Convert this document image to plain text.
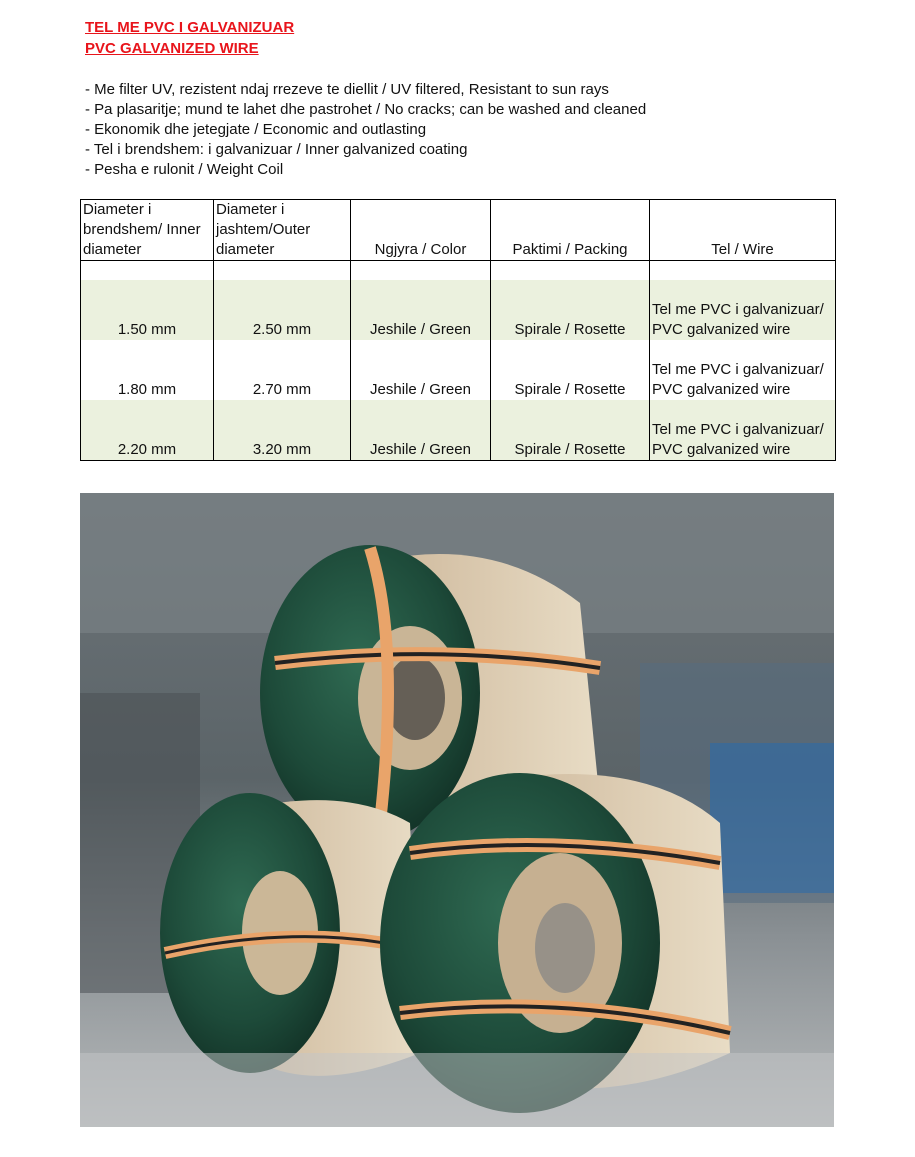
TEL ME PVC I GALVANIZUAR
PVC GALVANIZED WIRE
- Me filter UV, rezistent ndaj rrezeve te diellit / UV filtered, Resistant to sun rays
- Pa plasaritje; mund te lahet dhe pastrohet / No cracks; can be washed and cleaned
- Ekonomik dhe jetegjate / Economic and outlasting
- Tel i brendshem: i galvanizuar / Inner galvanized coating
- Pesha e rulonit / Weight Coil
Diameter i brendshem/ Inner diameter	Diameter i jashtem/Outer diameter	Ngjyra / Color	Paktimi / Packing	Tel / Wire

1.50 mm	2.50 mm	Jeshile / Green	Spirale / Rosette	Tel me PVC i galvanizuar/ PVC galvanized wire
1.80 mm	2.70 mm	Jeshile / Green	Spirale / Rosette	Tel me PVC i galvanizuar/ PVC galvanized wire
2.20 mm	3.20 mm	Jeshile / Green	Spirale / Rosette	Tel me PVC i galvanizuar/ PVC galvanized wire
